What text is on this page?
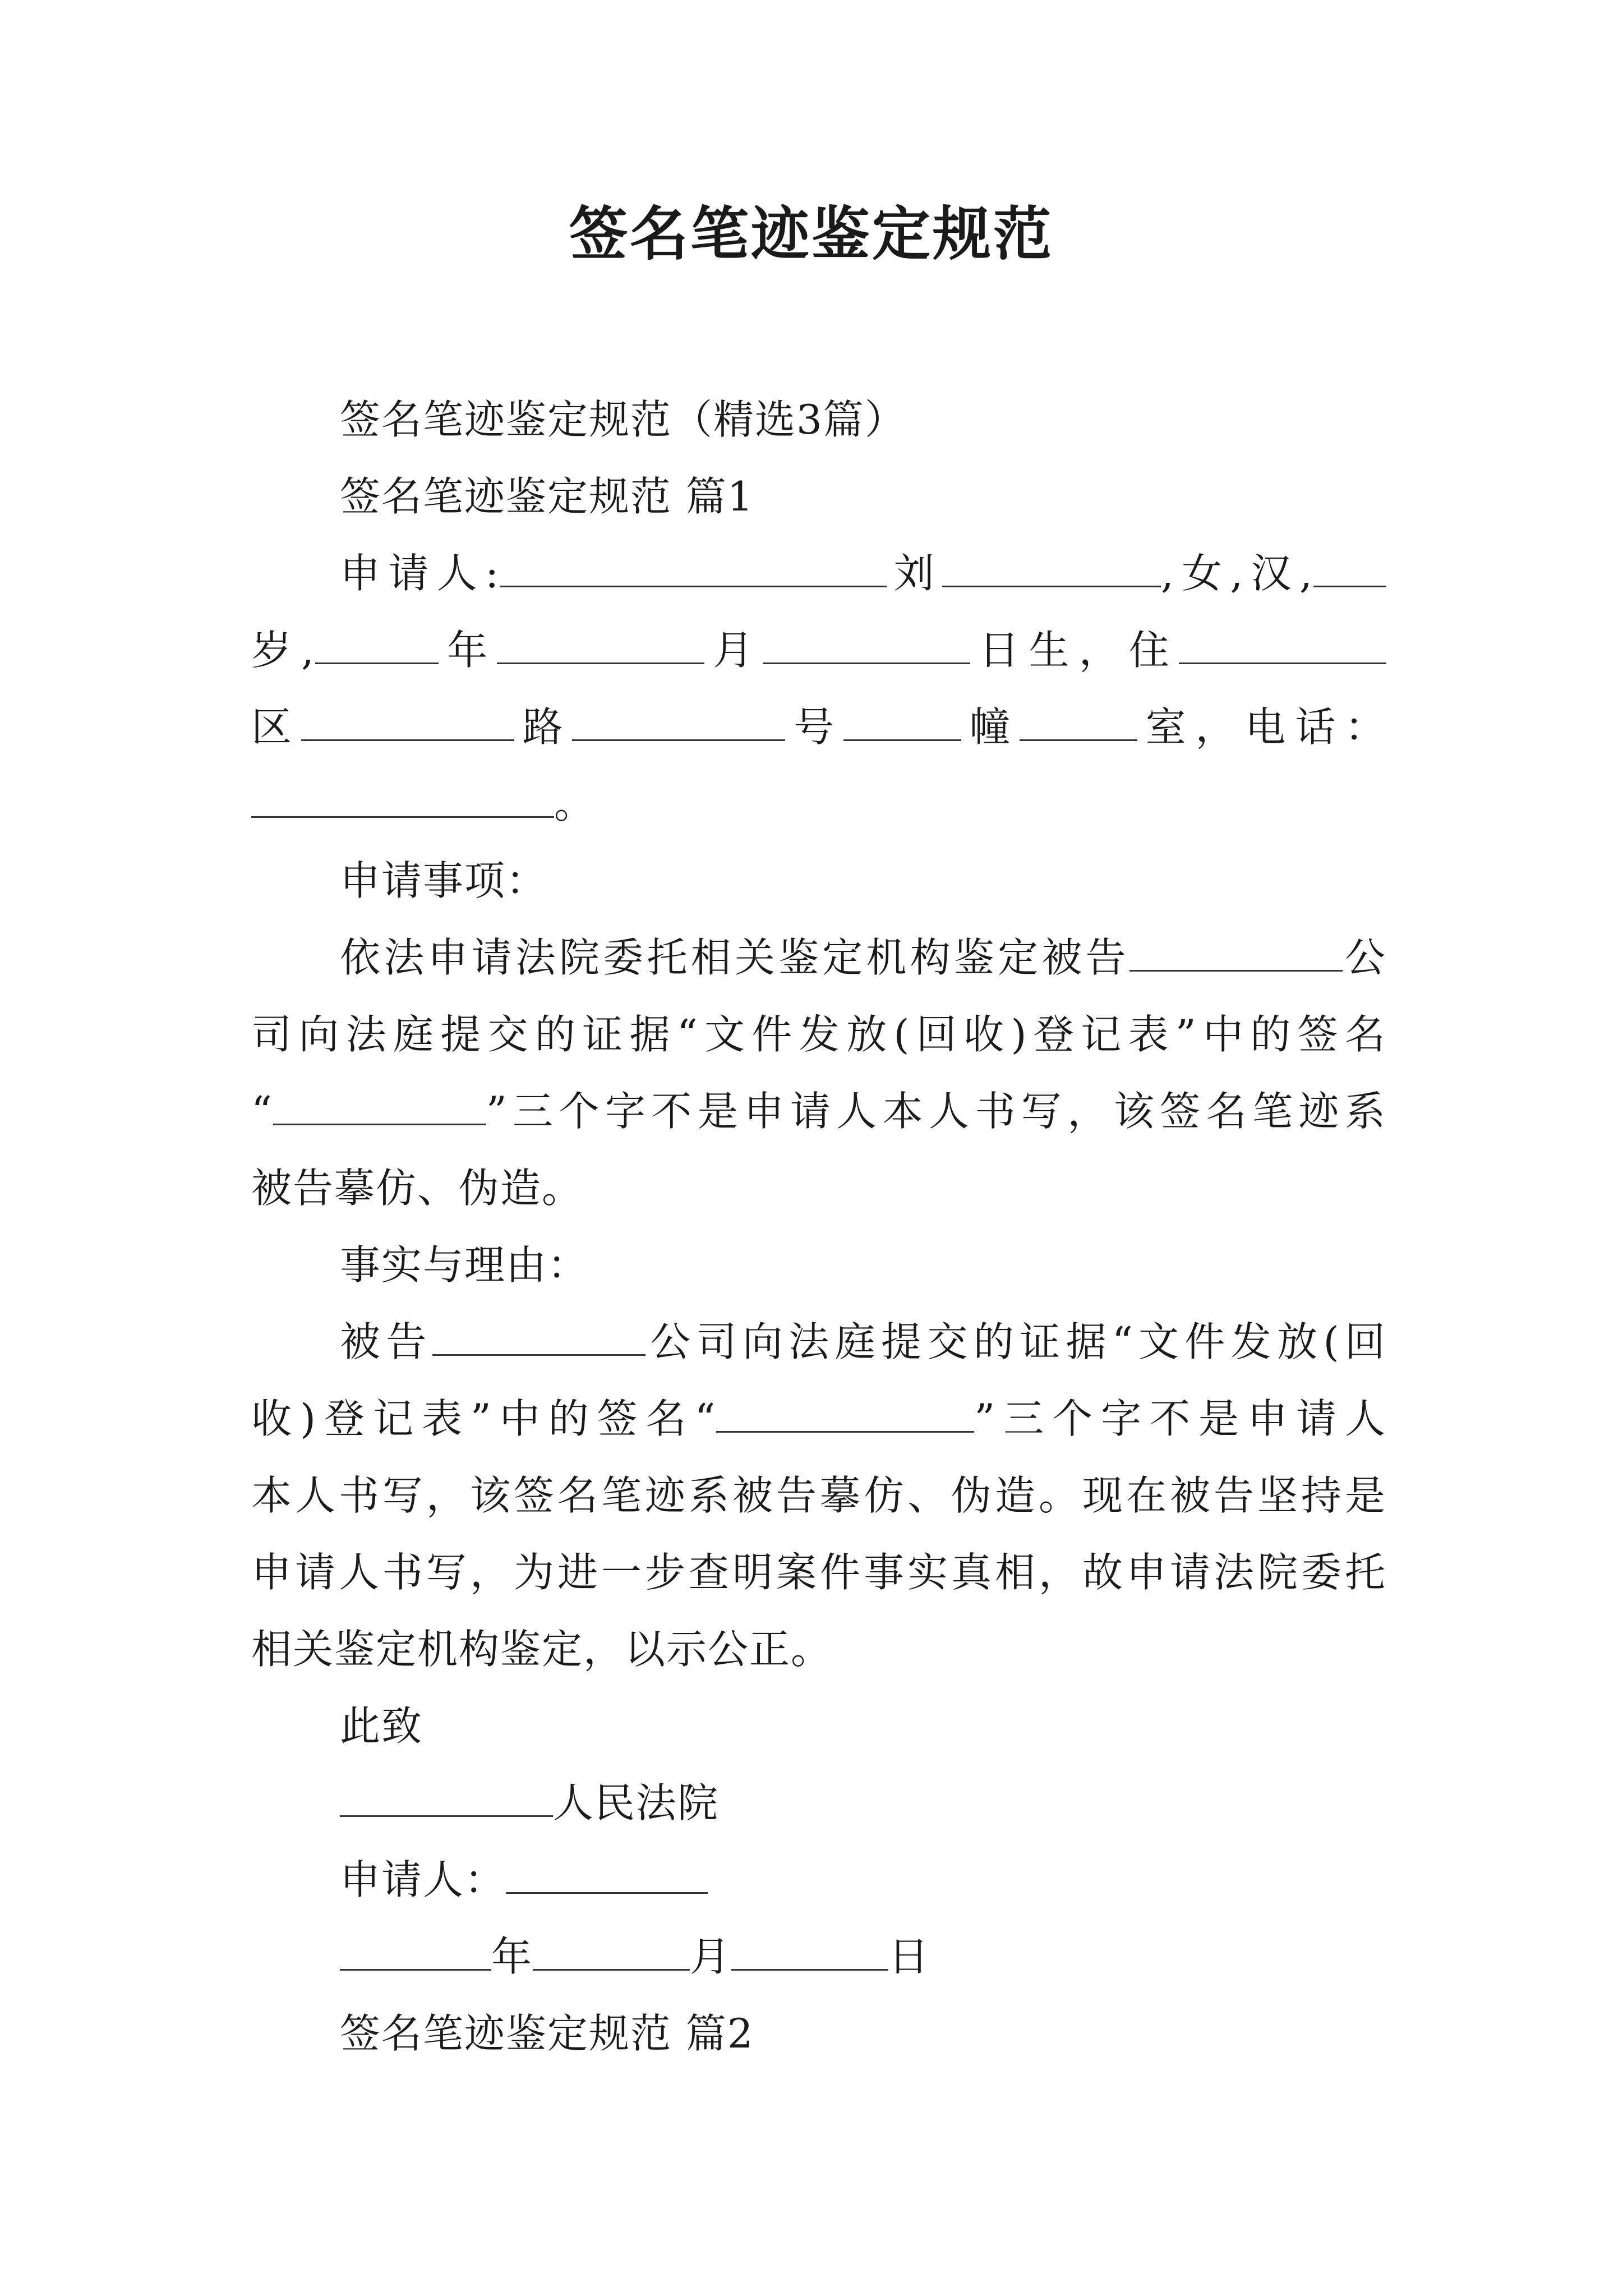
签名笔迹鉴定规范

签名笔迹鉴定规范（精选3篇）

签名笔迹鉴定规范 篇1

申请人:	刘	,女,汉,

岁,	年	月	日生，住

区	路	号	幢	室，电话：

。

申请事项：

依法申请法院委托相关鉴定机构鉴定被告	公

司向法庭提交的证据“文件发放(回收)登记表”中的签名

“	”三个字不是申请人本人书写，该签名笔迹系

被告摹仿、伪造。

事实与理由：

被告	公司向法庭提交的证据“文件发放(回

收)登记表”中的签名“	”三个字不是申请人

本人书写，该签名笔迹系被告摹仿、伪造。现在被告坚持是

申请人书写，为进一步查明案件事实真相，故申请法院委托

相关鉴定机构鉴定，以示公正。

此致

人民法院

申请人：

年	月	日

签名笔迹鉴定规范 篇2
